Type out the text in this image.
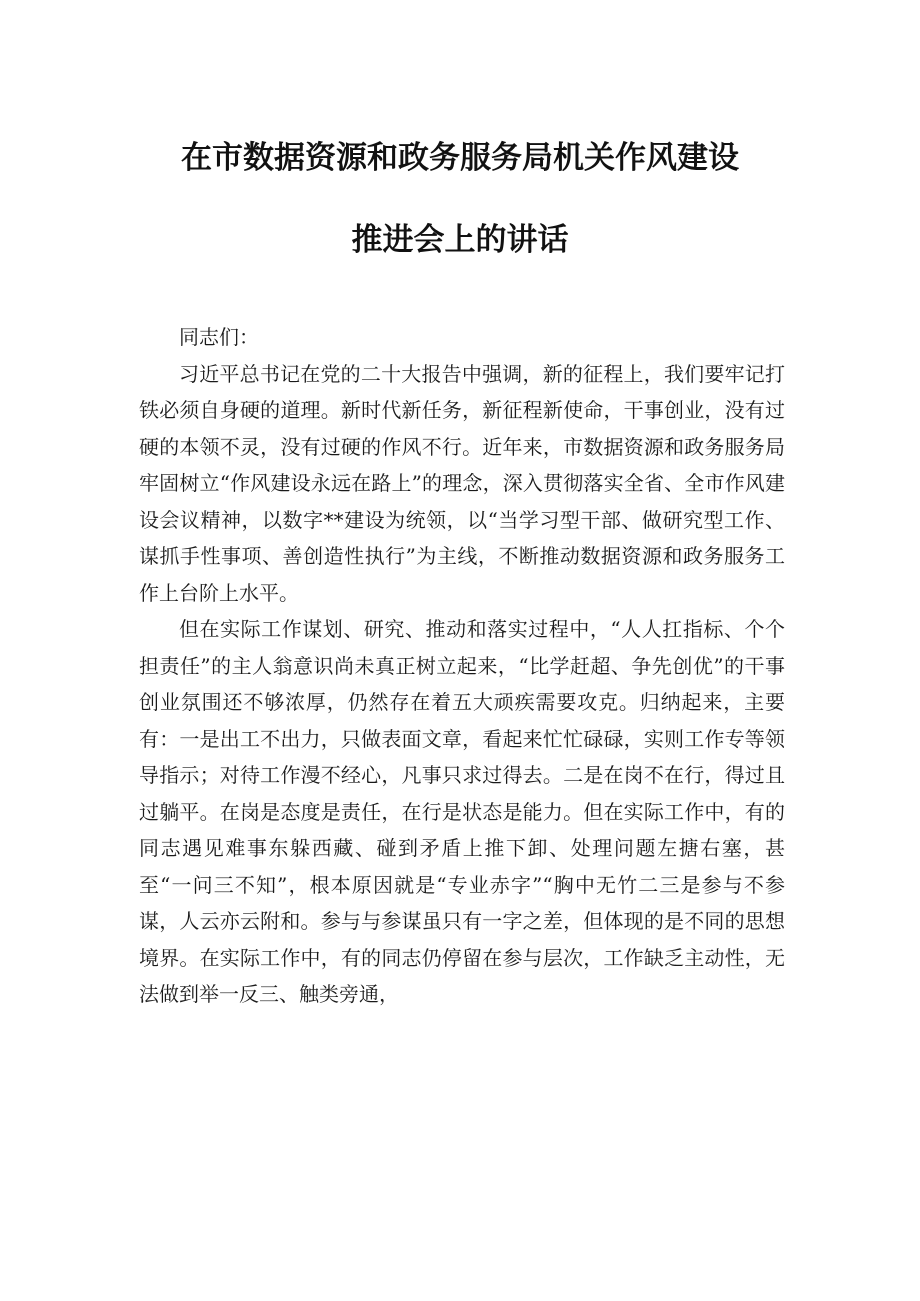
在市数据资源和政务服务局机关作风建设
推进会上的讲话

同志们：

习近平总书记在党的二十大报告中强调，新的征程上，我们要牢记打铁必须自身硬的道理。新时代新任务，新征程新使命，干事创业，没有过硬的本领不灵，没有过硬的作风不行。近年来，市数据资源和政务服务局牢固树立“作风建设永远在路上”的理念，深入贯彻落实全省、全市作风建设会议精神，以数字**建设为统领，以“当学习型干部、做研究型工作、谋抓手性事项、善创造性执行”为主线，不断推动数据资源和政务服务工作上台阶上水平。

但在实际工作谋划、研究、推动和落实过程中，“人人扛指标、个个担责任”的主人翁意识尚未真正树立起来，“比学赶超、争先创优”的干事创业氛围还不够浓厚，仍然存在着五大顽疾需要攻克。归纳起来，主要有：一是出工不出力，只做表面文章，看起来忙忙碌碌，实则工作专等领导指示；对待工作漫不经心，凡事只求过得去。二是在岗不在行，得过且过躺平。在岗是态度是责任，在行是状态是能力。但在实际工作中，有的同志遇见难事东躲西藏、碰到矛盾上推下卸、处理问题左搪右塞，甚至“一问三不知”，根本原因就是“专业赤字”“胸中无竹二三是参与不参谋，人云亦云附和。参与与参谋虽只有一字之差，但体现的是不同的思想境界。在实际工作中，有的同志仍停留在参与层次，工作缺乏主动性，无法做到举一反三、触类旁通，
